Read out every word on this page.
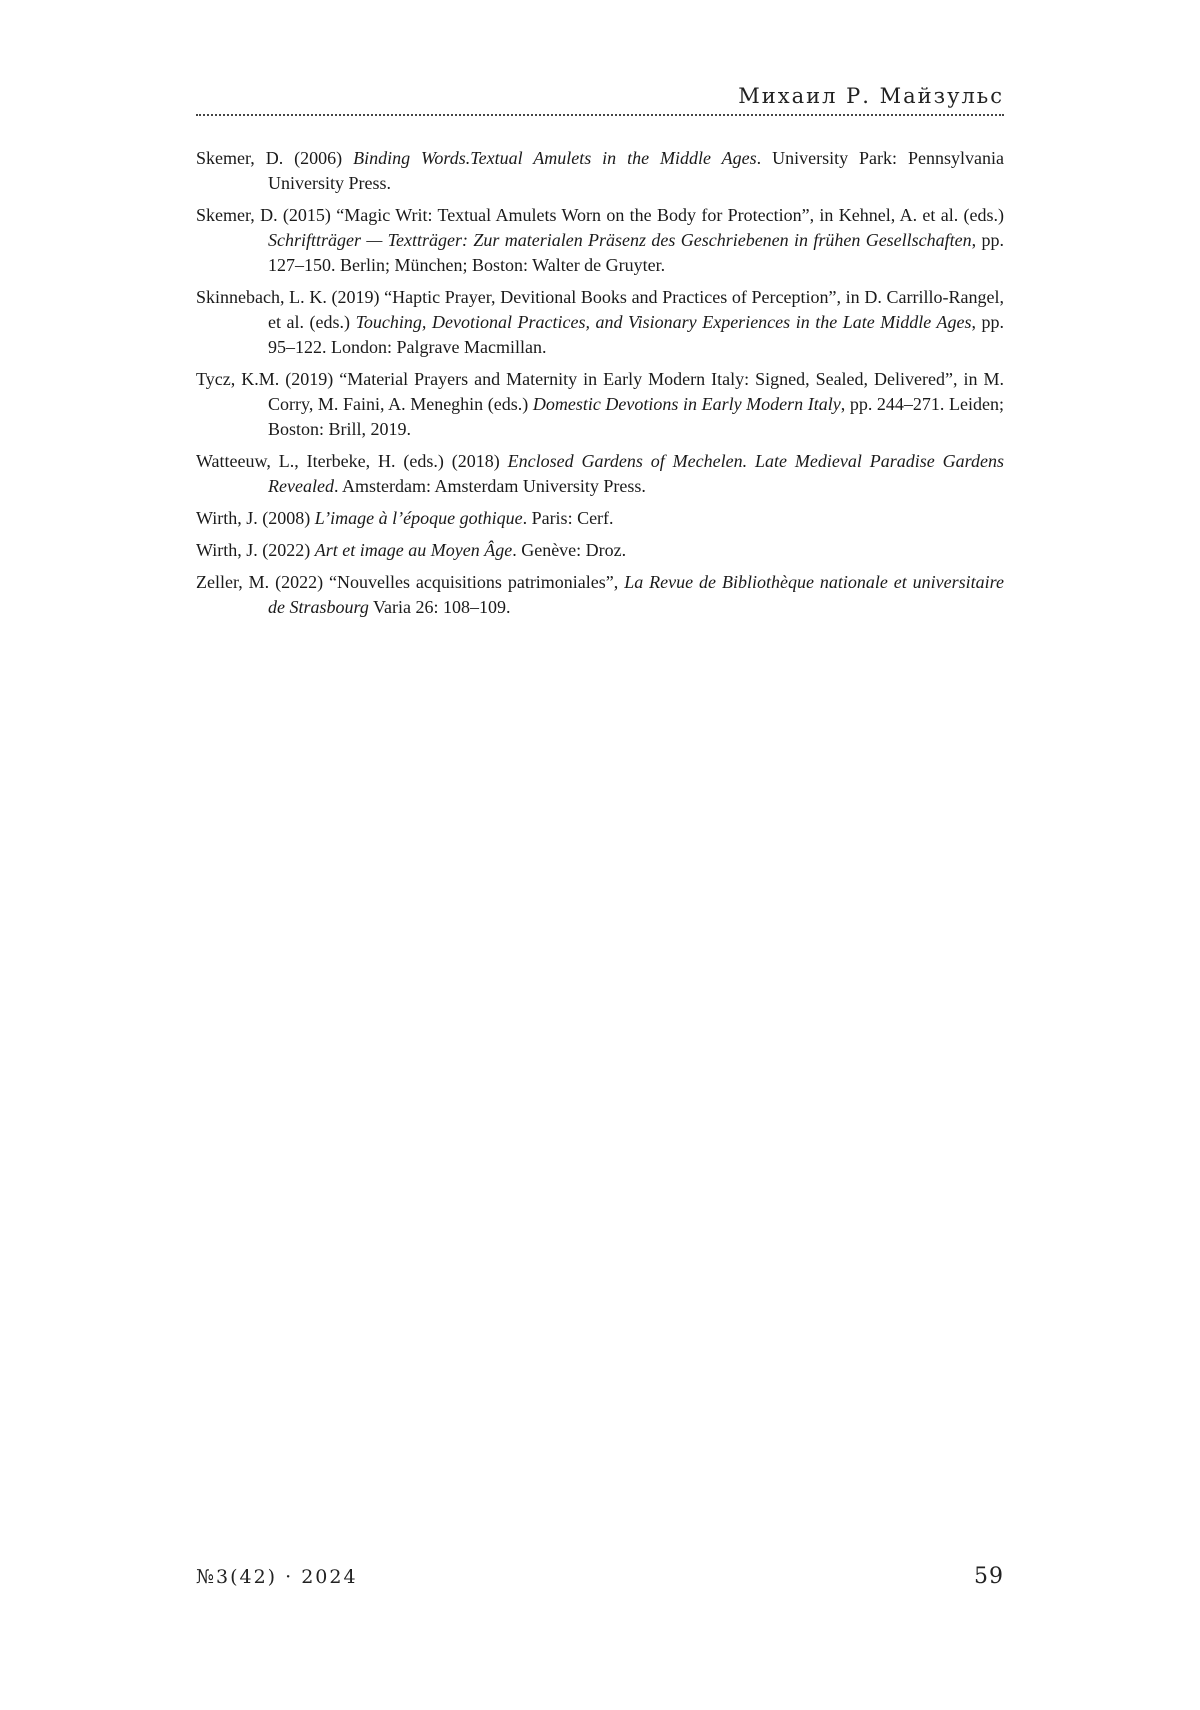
Михаил Р. Майзульс
Skemer, D. (2006) Binding Words.Textual Amulets in the Middle Ages. University Park: Pennsylvania University Press.
Skemer, D. (2015) “Magic Writ: Textual Amulets Worn on the Body for Protection”, in Kehnel, A. et al. (eds.) Schriftträger — Textträger: Zur materialen Präsenz des Geschriebenen in frühen Gesellschaften, pp. 127–150. Berlin; München; Boston: Walter de Gruyter.
Skinnebach, L. K. (2019) “Haptic Prayer, Devitional Books and Practices of Perception”, in D. Carrillo-Rangel, et al. (eds.) Touching, Devotional Practices, and Visionary Experiences in the Late Middle Ages, pp. 95–122. London: Palgrave Macmillan.
Tycz, K.M. (2019) “Material Prayers and Maternity in Early Modern Italy: Signed, Sealed, Delivered”, in M. Corry, M. Faini, A. Meneghin (eds.) Domestic Devotions in Early Modern Italy, pp. 244–271. Leiden; Boston: Brill, 2019.
Watteeuw, L., Iterbeke, H. (eds.) (2018) Enclosed Gardens of Mechelen. Late Medieval Paradise Gardens Revealed. Amsterdam: Amsterdam University Press.
Wirth, J. (2008) L’image à l’époque gothique. Paris: Cerf.
Wirth, J. (2022) Art et image au Moyen Âge. Genève: Droz.
Zeller, M. (2022) “Nouvelles acquisitions patrimoniales”, La Revue de Bibliothèque nationale et universitaire de Strasbourg Varia 26: 108–109.
№3(42) · 2024	59
